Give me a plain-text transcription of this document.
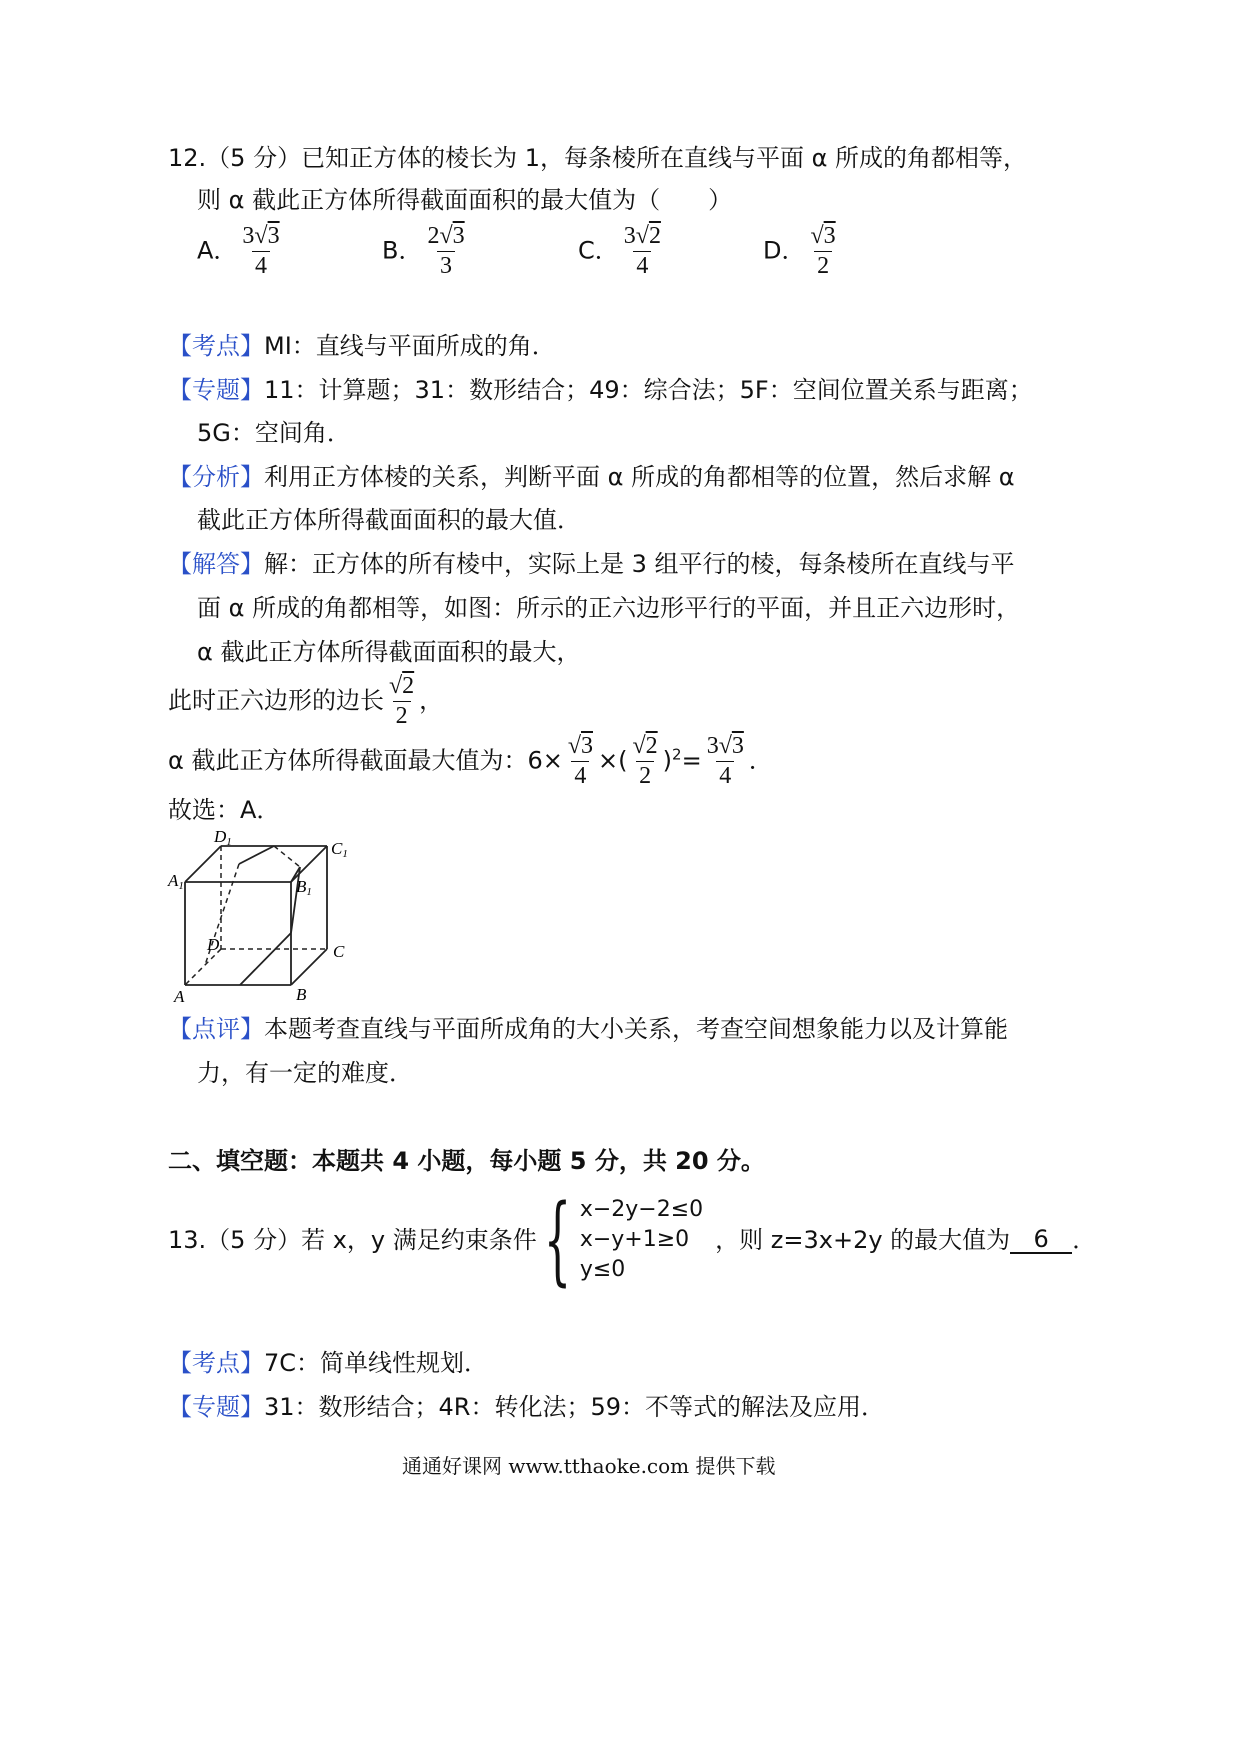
12.（5 分）已知正方体的棱长为 1，每条棱所在直线与平面 α 所成的角都相等，
则 α 截此正方体所得截面面积的最大值为（　　）
A． $\frac{3√3}{4}$	B． $\frac{2√3}{3}$	C． $\frac{3√2}{4}$	D． $\frac{√3}{2}$
【考点】MI：直线与平面所成的角．
【专题】11：计算题；31：数形结合；49：综合法；5F：空间位置关系与距离；
5G：空间角．
【分析】利用正方体棱的关系，判断平面 α 所成的角都相等的位置，然后求解 α
截此正方体所得截面面积的最大值．
【解答】解：正方体的所有棱中，实际上是 3 组平行的棱，每条棱所在直线与平
面 α 所成的角都相等，如图：所示的正六边形平行的平面，并且正六边形时，
α 截此正方体所得截面面积的最大，
此时正六边形的边长 $\frac{√2}{2}$ ，
α 截此正方体所得截面最大值为：$6\times \frac{√3}{4}$ ×( $\frac{√2}{2} )^2= \frac{3√3}{4}$ ．
故选：A．
D1	C1
A1	B1
D	C
A	B
【点评】本题考查直线与平面所成角的大小关系，考查空间想象能力以及计算能
力，有一定的难度．
二、填空题：本题共 4 小题，每小题 5 分，共 20 分。
13.（5 分）若 x，y 满足约束条件 { x−2y−2≤0
x−y+1≥0
y≤0
，则 z=3x+2y 的最大值为 6 ．
【考点】7C：简单线性规划．
【专题】31：数形结合；4R：转化法；59：不等式的解法及应用．
通通好课网 www.tthaoke.com 提供下载
